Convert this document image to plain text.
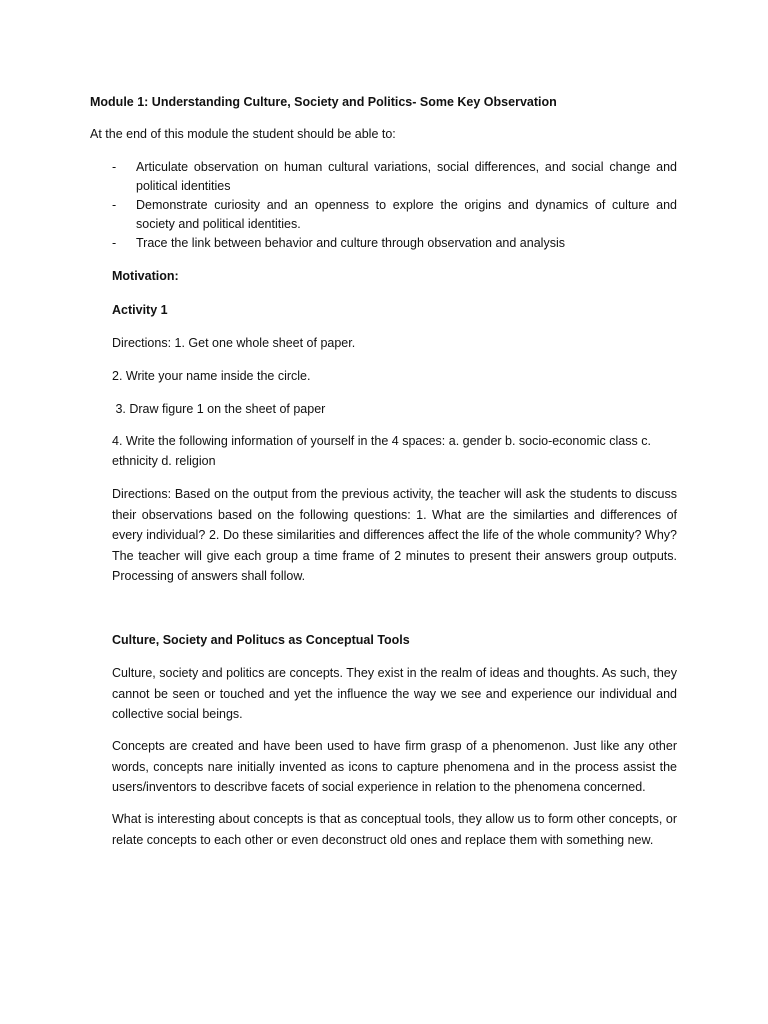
Module 1: Understanding Culture, Society and Politics- Some Key Observation
At the end of this module the student should be able to:
- Articulate observation on human cultural variations, social differences, and social change and political identities
- Demonstrate curiosity and an openness to explore the origins and dynamics of culture and society and political identities.
- Trace the link between behavior and culture through observation and analysis
Motivation:
Activity 1
Directions: 1. Get one whole sheet of paper.
2. Write your name inside the circle.
3. Draw figure 1 on the sheet of paper
4. Write the following information of yourself in the 4 spaces: a. gender b. socio-economic class c. ethnicity d. religion
Directions: Based on the output from the previous activity, the teacher will ask the students to discuss their observations based on the following questions: 1. What are the similarties and differences of every individual? 2. Do these similarities and differences affect the life of the whole community? Why? The teacher will give each group a time frame of 2 minutes to present their answers group outputs. Processing of answers shall follow.
Culture, Society and Politucs as Conceptual Tools
Culture, society and politics are concepts. They exist in the realm of ideas and thoughts. As such, they cannot be seen or touched and yet the influence the way we see and experience our individual and collective social beings.
Concepts are created and have been used to have firm grasp of a phenomenon. Just like any other words, concepts nare initially invented as icons to capture phenomena and in the process assist the users/inventors to describve facets of social experience in relation to the phenomena concerned.
What is interesting about concepts is that as conceptual tools, they allow us to form other concepts, or relate concepts to each other or even deconstruct old ones and replace them with something new.
